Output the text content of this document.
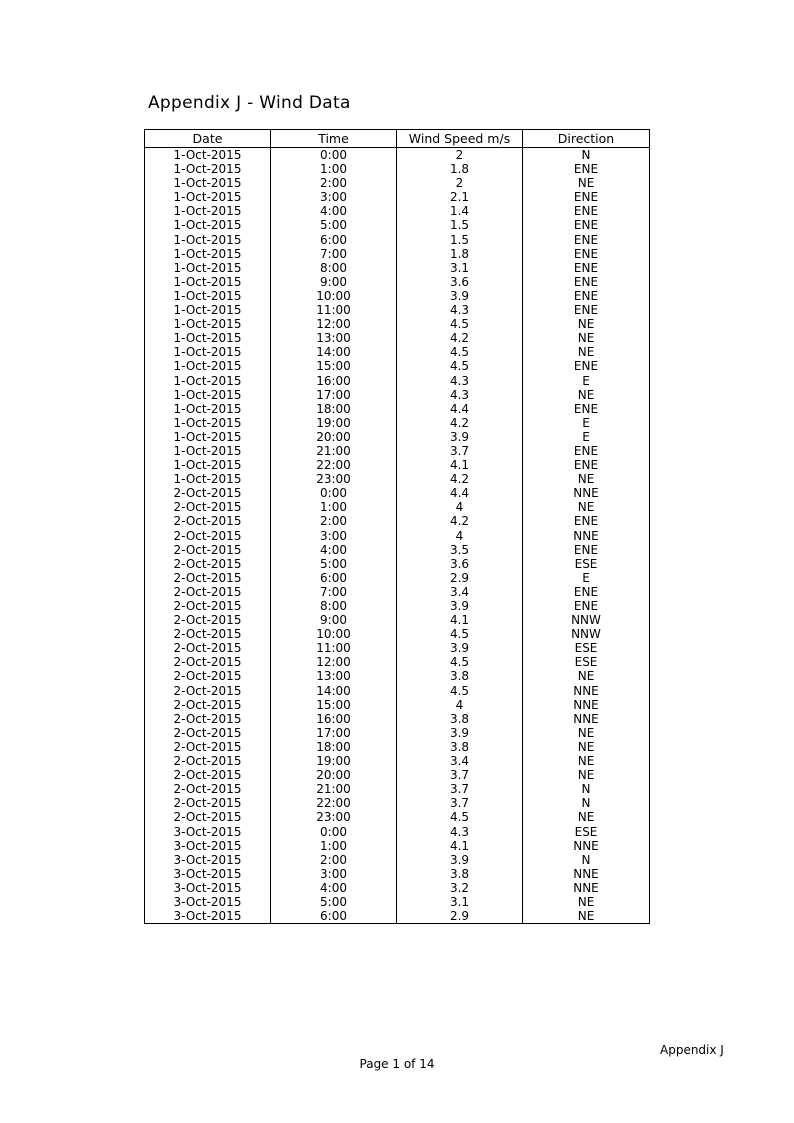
Appendix J - Wind Data
Date	Time	Wind Speed m/s	Direction
1-Oct-2015	0:00	2	N
1-Oct-2015	1:00	1.8	ENE
1-Oct-2015	2:00	2	NE
1-Oct-2015	3:00	2.1	ENE
1-Oct-2015	4:00	1.4	ENE
1-Oct-2015	5:00	1.5	ENE
1-Oct-2015	6:00	1.5	ENE
1-Oct-2015	7:00	1.8	ENE
1-Oct-2015	8:00	3.1	ENE
1-Oct-2015	9:00	3.6	ENE
1-Oct-2015	10:00	3.9	ENE
1-Oct-2015	11:00	4.3	ENE
1-Oct-2015	12:00	4.5	NE
1-Oct-2015	13:00	4.2	NE
1-Oct-2015	14:00	4.5	NE
1-Oct-2015	15:00	4.5	ENE
1-Oct-2015	16:00	4.3	E
1-Oct-2015	17:00	4.3	NE
1-Oct-2015	18:00	4.4	ENE
1-Oct-2015	19:00	4.2	E
1-Oct-2015	20:00	3.9	E
1-Oct-2015	21:00	3.7	ENE
1-Oct-2015	22:00	4.1	ENE
1-Oct-2015	23:00	4.2	NE
2-Oct-2015	0:00	4.4	NNE
2-Oct-2015	1:00	4	NE
2-Oct-2015	2:00	4.2	ENE
2-Oct-2015	3:00	4	NNE
2-Oct-2015	4:00	3.5	ENE
2-Oct-2015	5:00	3.6	ESE
2-Oct-2015	6:00	2.9	E
2-Oct-2015	7:00	3.4	ENE
2-Oct-2015	8:00	3.9	ENE
2-Oct-2015	9:00	4.1	NNW
2-Oct-2015	10:00	4.5	NNW
2-Oct-2015	11:00	3.9	ESE
2-Oct-2015	12:00	4.5	ESE
2-Oct-2015	13:00	3.8	NE
2-Oct-2015	14:00	4.5	NNE
2-Oct-2015	15:00	4	NNE
2-Oct-2015	16:00	3.8	NNE
2-Oct-2015	17:00	3.9	NE
2-Oct-2015	18:00	3.8	NE
2-Oct-2015	19:00	3.4	NE
2-Oct-2015	20:00	3.7	NE
2-Oct-2015	21:00	3.7	N
2-Oct-2015	22:00	3.7	N
2-Oct-2015	23:00	4.5	NE
3-Oct-2015	0:00	4.3	ESE
3-Oct-2015	1:00	4.1	NNE
3-Oct-2015	2:00	3.9	N
3-Oct-2015	3:00	3.8	NNE
3-Oct-2015	4:00	3.2	NNE
3-Oct-2015	5:00	3.1	NE
3-Oct-2015	6:00	2.9	NE
Appendix J
Page 1 of 14
